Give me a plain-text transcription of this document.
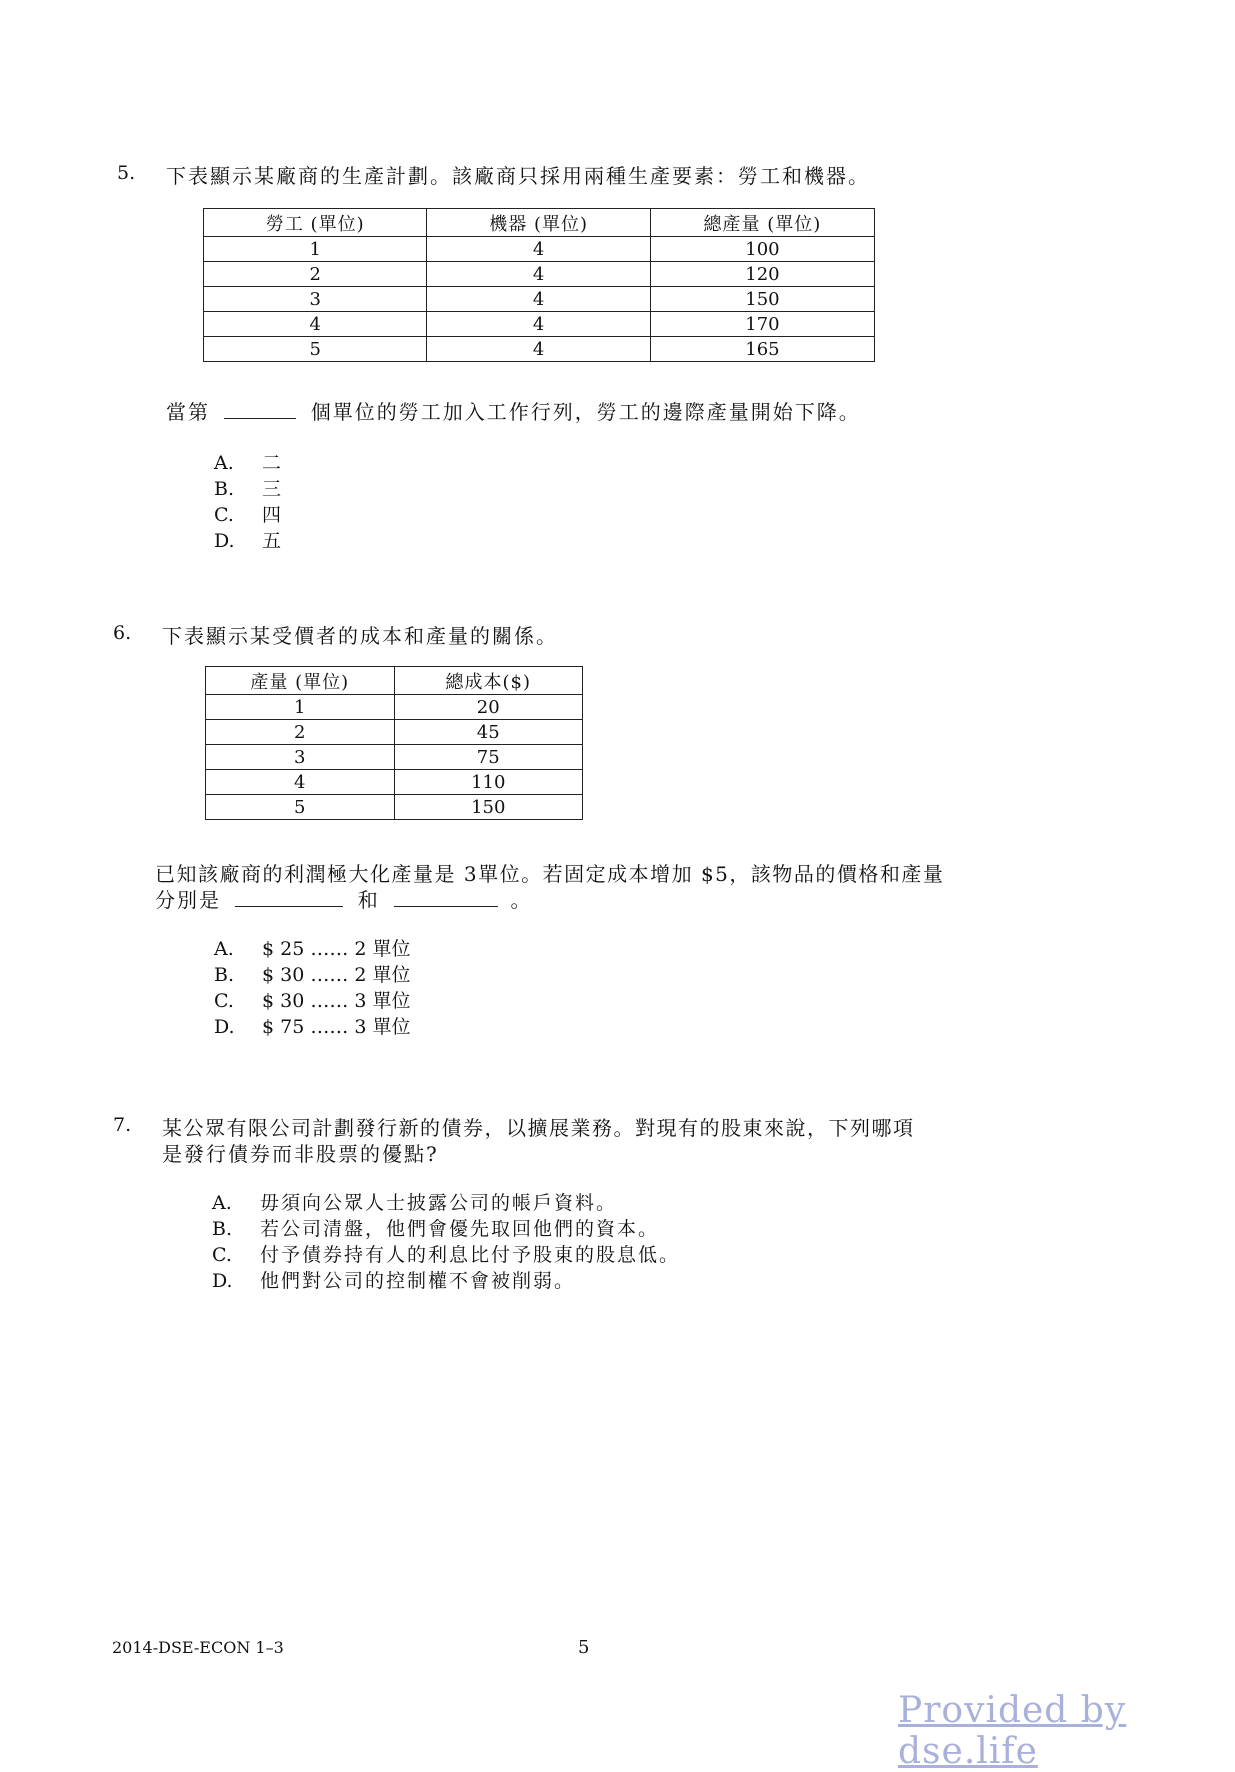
5. 下表顯示某廠商的生產計劃。該廠商只採用兩種生產要素：勞工和機器。
勞工 (單位)	機器 (單位)	總產量 (單位)
1	4	100
2	4	120
3	4	150
4	4	170
5	4	165
當第	個單位的勞工加入工作行列，勞工的邊際產量開始下降。
A. 二
B. 三
C. 四
D. 五
6. 下表顯示某受價者的成本和產量的關係。
產量 (單位)	總成本($)
1	20
2	45
3	75
4	110
5	150
已知該廠商的利潤極大化產量是 3單位。若固定成本增加 $5，該物品的價格和產量
分別是	和	。
A. $ 25 …… 2 單位
B. $ 30 …… 2 單位
C. $ 30 …… 3 單位
D. $ 75 …… 3 單位
7. 某公眾有限公司計劃發行新的債券，以擴展業務。對現有的股東來說，下列哪項
是發行債券而非股票的優點?
A. 毋須向公眾人士披露公司的帳戶資料。
B. 若公司清盤，他們會優先取回他們的資本。
C. 付予債券持有人的利息比付予股東的股息低。
D. 他們對公司的控制權不會被削弱。
2014-DSE-ECON 1–3	5
Provided by dse.life
